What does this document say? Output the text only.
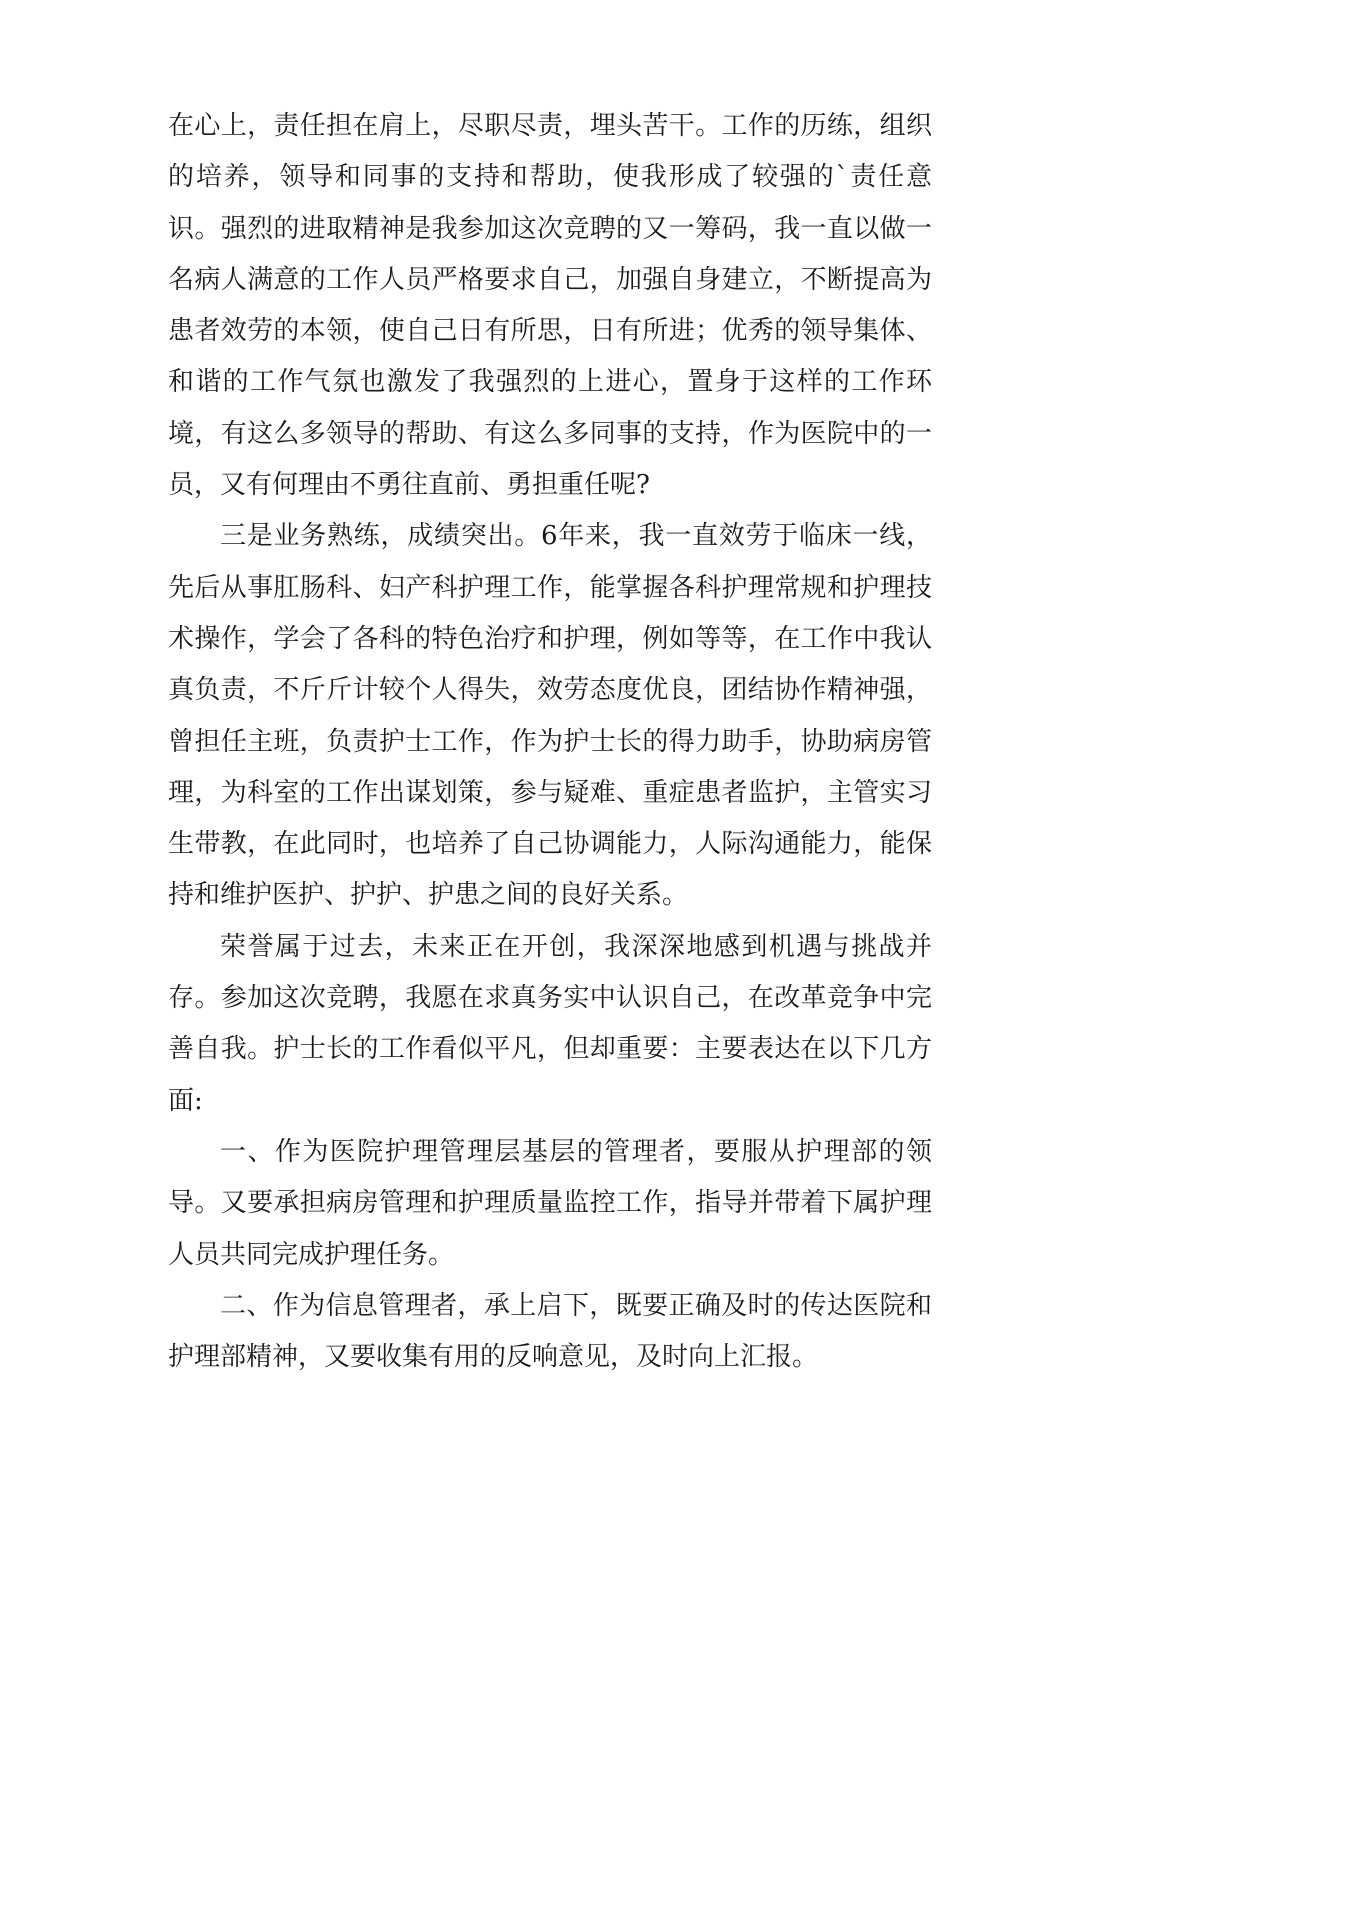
在心上，责任担在肩上，尽职尽责，埋头苦干。工作的历练，组织的培养，领导和同事的支持和帮助，使我形成了较强的`责任意识。强烈的进取精神是我参加这次竞聘的又一筹码，我一直以做一名病人满意的工作人员严格要求自己，加强自身建立，不断提高为患者效劳的本领，使自己日有所思，日有所进；优秀的领导集体、和谐的工作气氛也激发了我强烈的上进心，置身于这样的工作环境，有这么多领导的帮助、有这么多同事的支持，作为医院中的一员，又有何理由不勇往直前、勇担重任呢?

三是业务熟练，成绩突出。6年来，我一直效劳于临床一线，先后从事肛肠科、妇产科护理工作，能掌握各科护理常规和护理技术操作，学会了各科的特色治疗和护理，例如等等，在工作中我认真负责，不斤斤计较个人得失，效劳态度优良，团结协作精神强，曾担任主班，负责护士工作，作为护士长的得力助手，协助病房管理，为科室的工作出谋划策，参与疑难、重症患者监护，主管实习生带教，在此同时，也培养了自己协调能力，人际沟通能力，能保持和维护医护、护护、护患之间的良好关系。

荣誉属于过去，未来正在开创，我深深地感到机遇与挑战并存。参加这次竞聘，我愿在求真务实中认识自己，在改革竞争中完善自我。护士长的工作看似平凡，但却重要：主要表达在以下几方面:

一、作为医院护理管理层基层的管理者，要服从护理部的领导。又要承担病房管理和护理质量监控工作，指导并带着下属护理人员共同完成护理任务。

二、作为信息管理者，承上启下，既要正确及时的传达医院和护理部精神，又要收集有用的反响意见，及时向上汇报。
